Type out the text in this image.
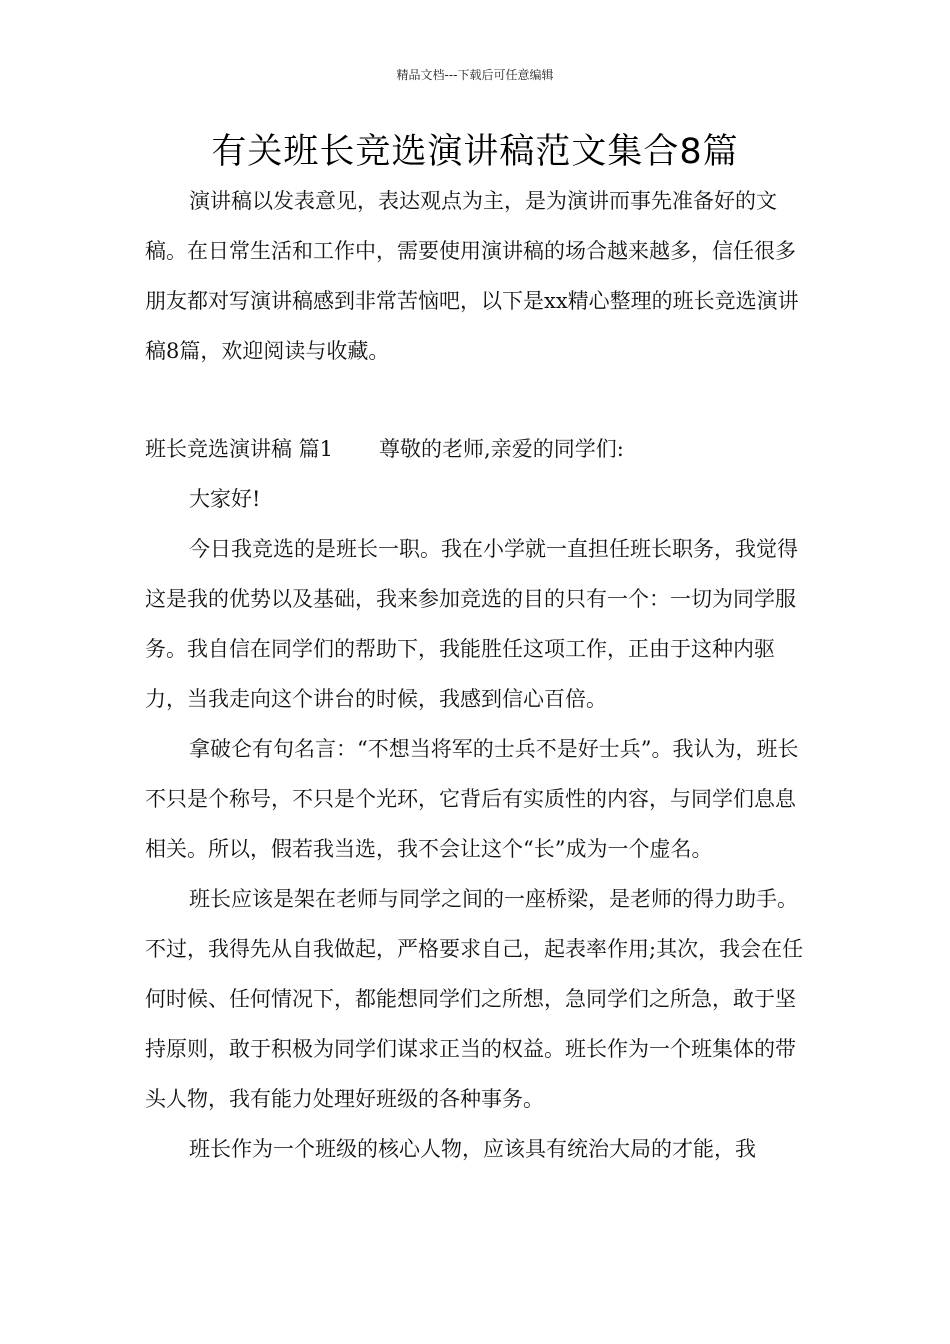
精品文档---下载后可任意编辑
有关班长竞选演讲稿范文集合8篇

演讲稿以发表意见，表达观点为主，是为演讲而事先准备好的文稿。在日常生活和工作中，需要使用演讲稿的场合越来越多，信任很多朋友都对写演讲稿感到非常苦恼吧，以下是xx精心整理的班长竞选演讲稿8篇，欢迎阅读与收藏。

班长竞选演讲稿 篇1 尊敬的老师,亲爱的同学们:

大家好!

今日我竞选的是班长一职。我在小学就一直担任班长职务，我觉得这是我的优势以及基础，我来参加竞选的目的只有一个：一切为同学服务。我自信在同学们的帮助下，我能胜任这项工作，正由于这种内驱力，当我走向这个讲台的时候，我感到信心百倍。

拿破仑有句名言：“不想当将军的士兵不是好士兵”。我认为，班长不只是个称号，不只是个光环，它背后有实质性的内容，与同学们息息相关。所以，假若我当选，我不会让这个“长”成为一个虚名。

班长应该是架在老师与同学之间的一座桥梁，是老师的得力助手。不过，我得先从自我做起，严格要求自己，起表率作用;其次，我会在任何时候、任何情况下，都能想同学们之所想，急同学们之所急，敢于坚持原则，敢于积极为同学们谋求正当的权益。班长作为一个班集体的带头人物，我有能力处理好班级的各种事务。

班长作为一个班级的核心人物，应该具有统治大局的才能，我
